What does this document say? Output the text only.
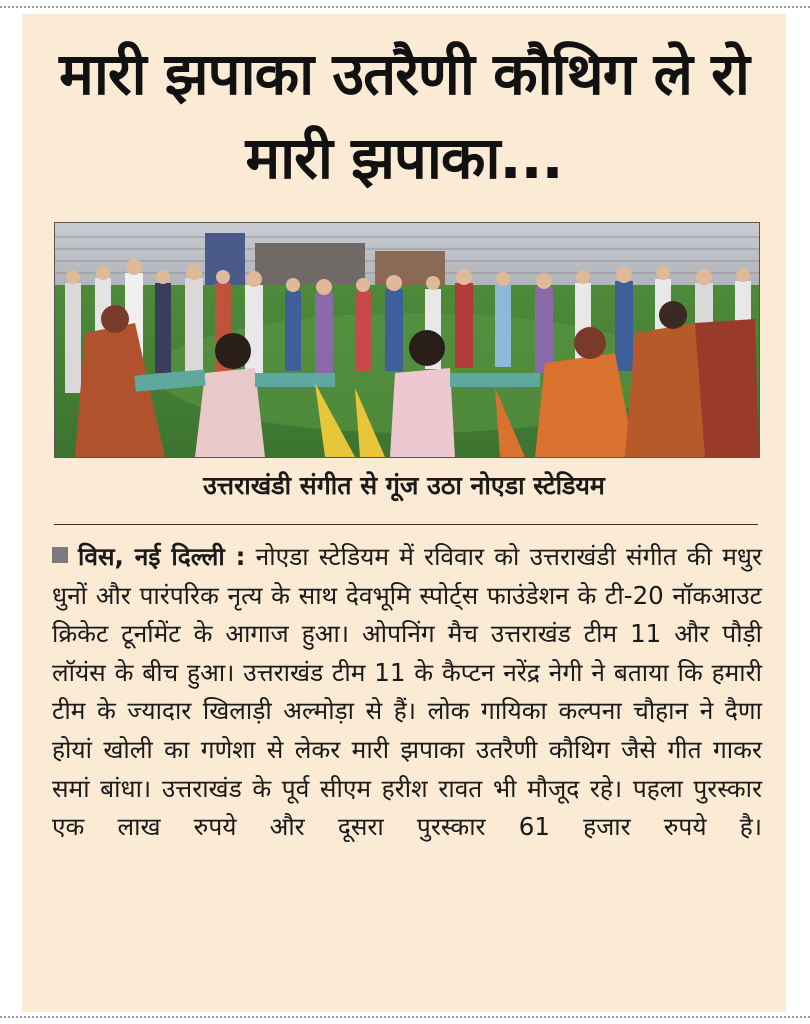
मारी झपाका उतरैणी कौथिग ले रो मारी झपाका...
उत्तराखंडी संगीत से गूंज उठा नोएडा स्टेडियम
विस, नई दिल्ली : नोएडा स्टेडियम में रविवार को उत्तराखंडी संगीत की मधुर धुनों और पारंपरिक नृत्य के साथ देवभूमि स्पोर्ट्स फाउंडेशन के टी-20 नॉकआउट क्रिकेट टूर्नामेंट के आगाज हुआ। ओपनिंग मैच उत्तराखंड टीम 11 और पौड़ी लॉयंस के बीच हुआ। उत्तराखंड टीम 11 के कैप्टन नरेंद्र नेगी ने बताया कि हमारी टीम के ज्यादार खिलाड़ी अल्मोड़ा से हैं। लोक गायिका कल्पना चौहान ने दैणा होयां खोली का गणेशा से लेकर मारी झपाका उतरैणी कौथिग जैसे गीत गाकर समां बांधा। उत्तराखंड के पूर्व सीएम हरीश रावत भी मौजूद रहे। पहला पुरस्कार एक लाख रुपये और दूसरा पुरस्कार 61 हजार रुपये है।
